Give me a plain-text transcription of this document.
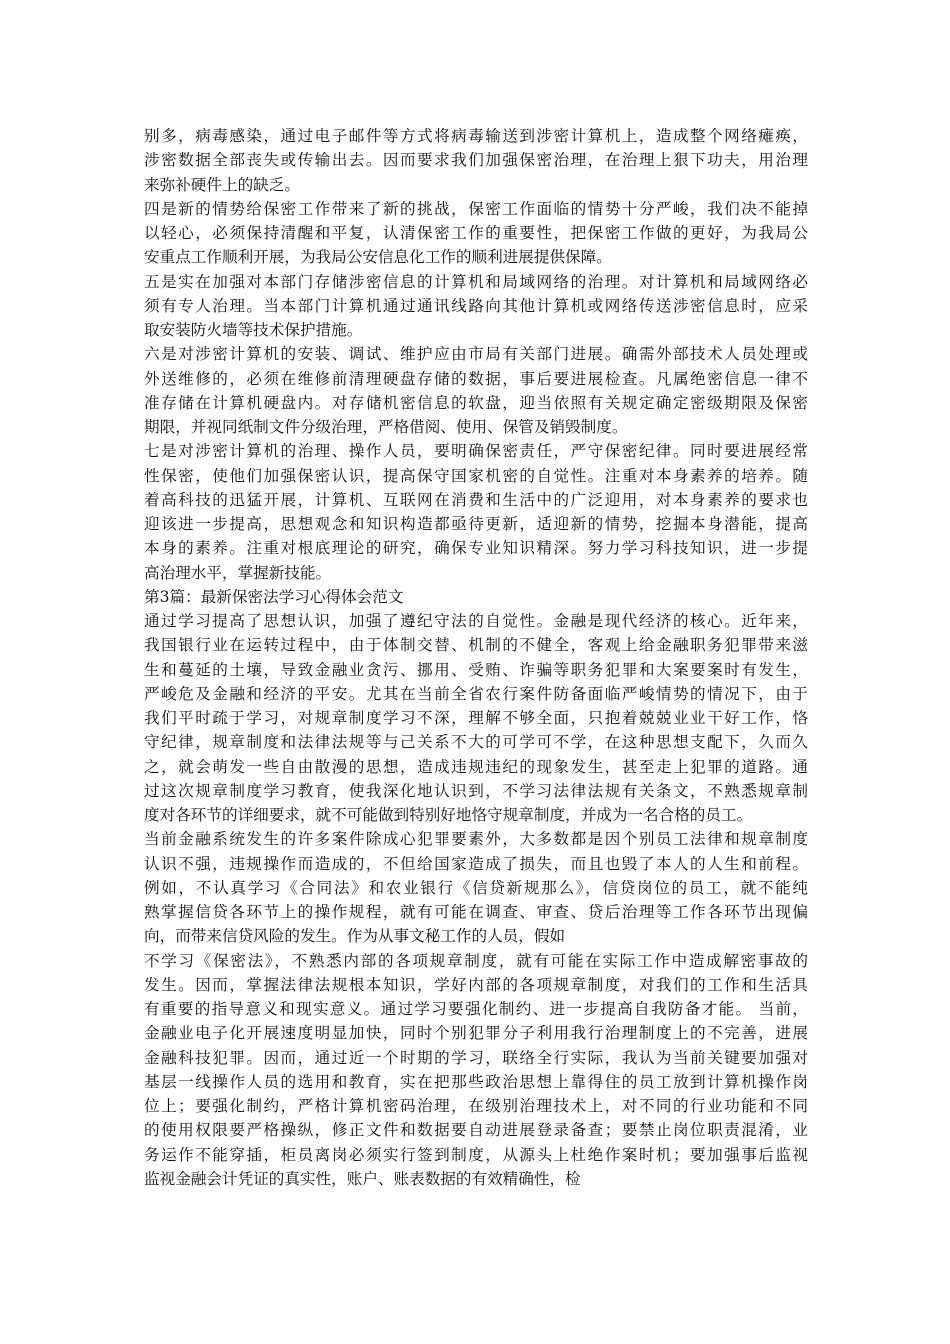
别多，病毒感染，通过电子邮件等方式将病毒输送到涉密计算机上，造成整个网络瘫痪，
涉密数据全部丧失或传输出去。因而要求我们加强保密治理，在治理上狠下功夫，用治理
来弥补硬件上的缺乏。
四是新的情势给保密工作带来了新的挑战，保密工作面临的情势十分严峻，我们决不能掉
以轻心，必须保持清醒和平复，认清保密工作的重要性，把保密工作做的更好，为我局公
安重点工作顺利开展，为我局公安信息化工作的顺利进展提供保障。
五是实在加强对本部门存储涉密信息的计算机和局域网络的治理。对计算机和局域网络必
须有专人治理。当本部门计算机通过通讯线路向其他计算机或网络传送涉密信息时，应采
取安装防火墙等技术保护措施。
六是对涉密计算机的安装、调试、维护应由市局有关部门进展。确需外部技术人员处理或
外送维修的，必须在维修前清理硬盘存储的数据，事后要进展检查。凡属绝密信息一律不
准存储在计算机硬盘内。对存储机密信息的软盘，迎当依照有关规定确定密级期限及保密
期限，并视同纸制文件分级治理，严格借阅、使用、保管及销毁制度。
七是对涉密计算机的治理、操作人员，要明确保密责任，严守保密纪律。同时要进展经常
性保密，使他们加强保密认识，提高保守国家机密的自觉性。注重对本身素养的培养。随
着高科技的迅猛开展，计算机、互联网在消费和生活中的广泛迎用，对本身素养的要求也
迎该进一步提高，思想观念和知识构造都亟待更新，适迎新的情势，挖掘本身潜能，提高
本身的素养。注重对根底理论的研究，确保专业知识精深。努力学习科技知识，进一步提
高治理水平，掌握新技能。
第3篇：最新保密法学习心得体会范文
通过学习提高了思想认识，加强了遵纪守法的自觉性。金融是现代经济的核心。近年来，
我国银行业在运转过程中，由于体制交替、机制的不健全，客观上给金融职务犯罪带来滋
生和蔓延的土壤，导致金融业贪污、挪用、受贿、诈骗等职务犯罪和大案要案时有发生，
严峻危及金融和经济的平安。尤其在当前全省农行案件防备面临严峻情势的情况下，由于
我们平时疏于学习，对规章制度学习不深，理解不够全面，只抱着兢兢业业干好工作，恪
守纪律，规章制度和法律法规等与己关系不大的可学可不学，在这种思想支配下，久而久
之，就会萌发一些自由散漫的思想，造成违规违纪的现象发生，甚至走上犯罪的道路。通
过这次规章制度学习教育，使我深化地认识到，不学习法律法规有关条文，不熟悉规章制
度对各环节的详细要求，就不可能做到特别好地恪守规章制度，并成为一名合格的员工。
当前金融系统发生的许多案件除成心犯罪要素外，大多数都是因个别员工法律和规章制度
认识不强，违规操作而造成的，不但给国家造成了损失，而且也毁了本人的人生和前程。
例如，不认真学习《合同法》和农业银行《信贷新规那么》，信贷岗位的员工，就不能纯
熟掌握信贷各环节上的操作规程，就有可能在调查、审查、贷后治理等工作各环节出现偏
向，而带来信贷风险的发生。作为从事文秘工作的人员，假如
不学习《保密法》，不熟悉内部的各项规章制度，就有可能在实际工作中造成解密事故的
发生。因而，掌握法律法规根本知识，学好内部的各项规章制度，对我们的工作和生活具
有重要的指导意义和现实意义。通过学习要强化制约、进一步提高自我防备才能。 当前，
金融业电子化开展速度明显加快，同时个别犯罪分子利用我行治理制度上的不完善，进展
金融科技犯罪。因而，通过近一个时期的学习，联络全行实际，我认为当前关键要加强对
基层一线操作人员的选用和教育，实在把那些政治思想上靠得住的员工放到计算机操作岗
位上；要强化制约，严格计算机密码治理，在级别治理技术上，对不同的行业功能和不同
的使用权限要严格操纵，修正文件和数据要自动进展登录备查；要禁止岗位职责混淆，业
务运作不能穿插，柜员离岗必须实行签到制度，从源头上杜绝作案时机；要加强事后监视
监视金融会计凭证的真实性，账户、账表数据的有效精确性，检
